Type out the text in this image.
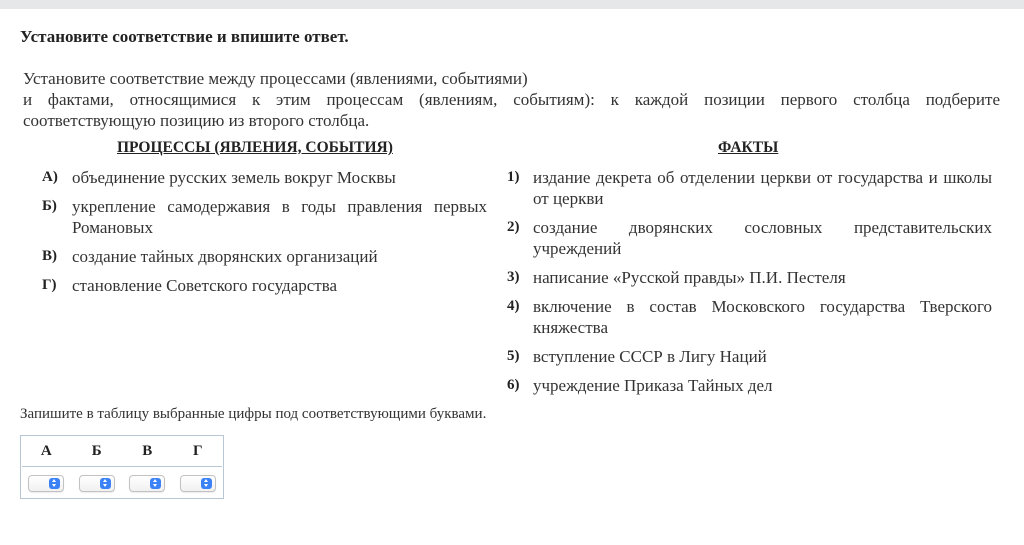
Установите соответствие и впишите ответ.
Установите соответствие между процессами (явлениями, событиями)
и фактами, относящимися к этим процессам (явлениям, событиям): к каждой позиции первого столбца подберите
соответствующую позицию из второго столбца.
ПРОЦЕССЫ (ЯВЛЕНИЯ, СОБЫТИЯ)	ФАКТЫ
А) объединение русских земель вокруг Москвы
Б) укрепление самодержавия в годы правления первых Романовых
В) создание тайных дворянских организаций
Г) становление Советского государства
1) издание декрета об отделении церкви от государства и школы от церкви
2) создание дворянских сословных представительских учреждений
3) написание «Русской правды» П.И. Пестеля
4) включение в состав Московского государства Тверского княжества
5) вступление СССР в Лигу Наций
6) учреждение Приказа Тайных дел
Запишите в таблицу выбранные цифры под соответствующими буквами.
А	Б	В	Г
